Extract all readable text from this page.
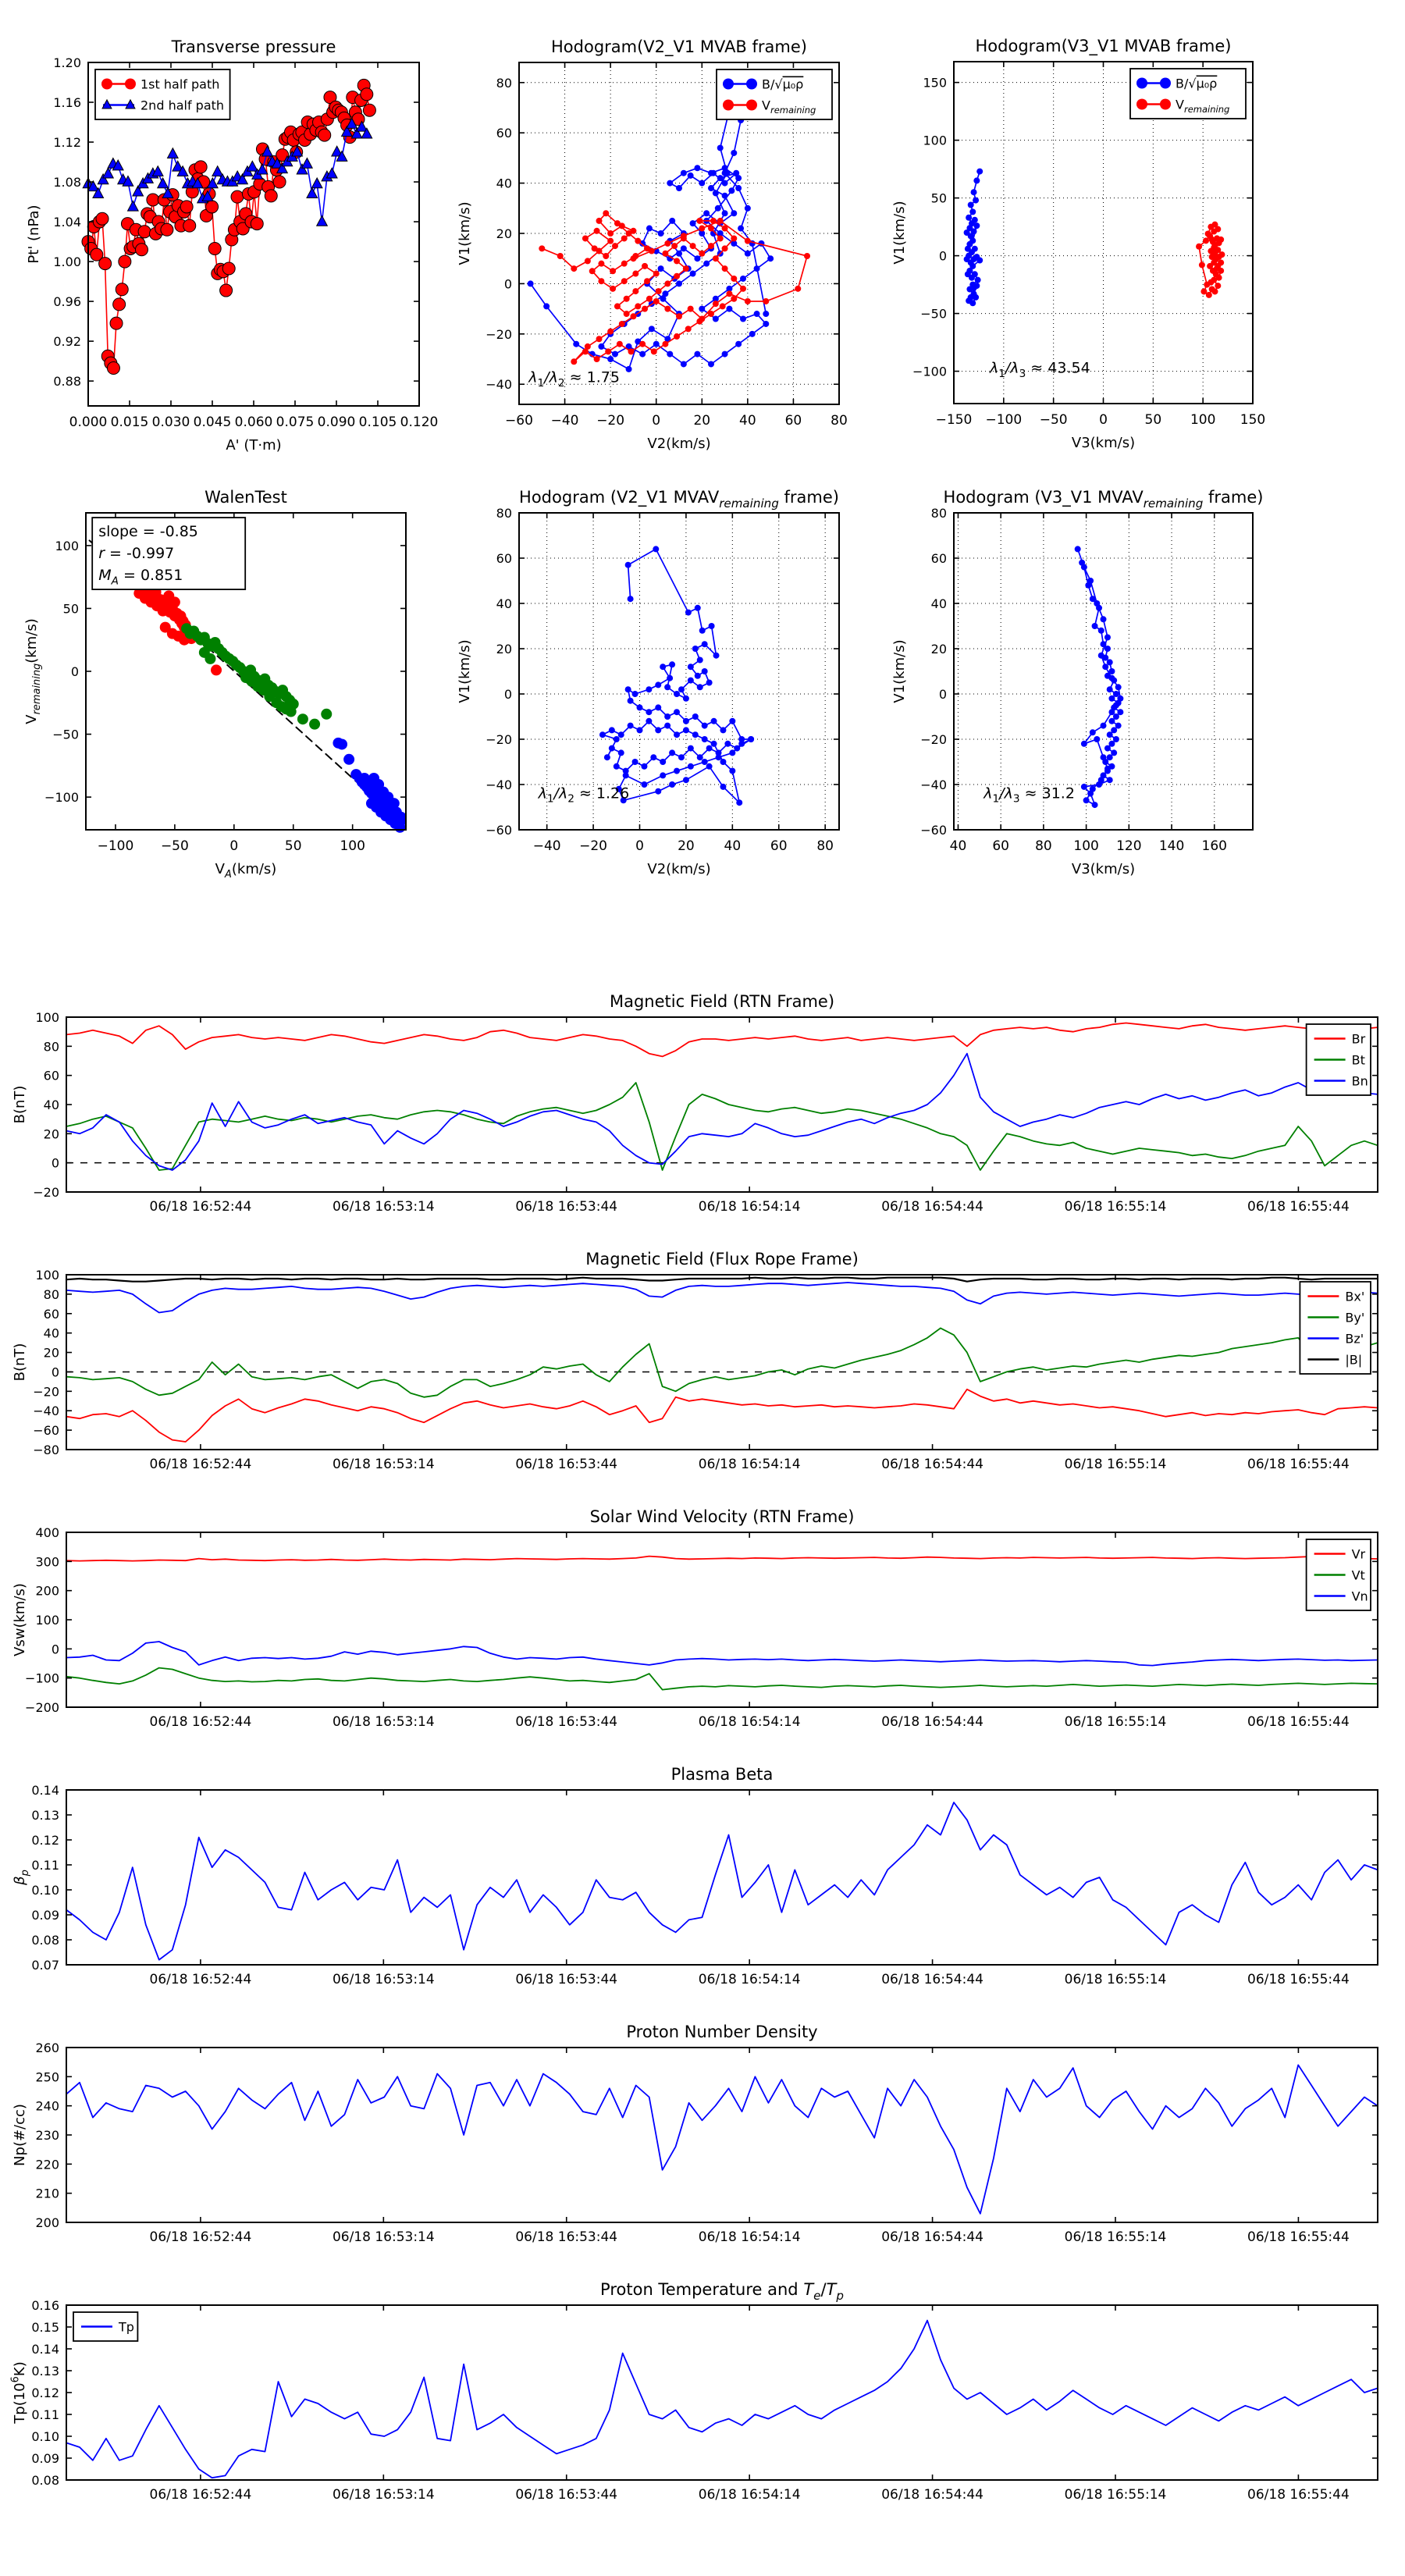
0.000 0.015 0.030 0.045 0.060 0.075 0.090 0.105 0.120
0.88
0.92
0.96
1.00
1.04
1.08
1.12
1.16
1.20
Transverse pressure
A' (T·m)
Pt' (nPa)
1st half path
2nd half path
−60 −40 −20 0 20 40 60 80
−40
−20
0
20
40
60
80
Hodogram(V2_V1 MVAB frame)
V2(km/s)
V1(km/s)
$\lambda_1/\lambda_2 \approx 1.75$
B/√μ₀ρ
$V_{remaining}$
−150 −100 −50 0	50 100 150
−100
−50
0
50
100
150
Hodogram(V3_V1 MVAB frame)
V3(km/s)
V1(km/s)
$\lambda_1/\lambda_3 \approx 43.54$
B/√μ₀ρ
$V_{remaining}$
−100 −50	0	50	100
−100
−50
0
50
100
WalenTest
$V_A(km/s)$
$V_{remaining}(km/s)$
slope = -0.85
r = -0.997
$M_A = 0.851$
−40 −20 0	20 40 60 80
−60
−40
−20
0
20
40
60
80
Hodogram (V2_V1 $MVAV_{remaining}$ frame)
V2(km/s)
V1(km/s)
$\lambda_1/\lambda_2 \approx 1.26$
40 60 80 100 120 140 160
−60
−40
−20
0
20
40
60
80
Hodogram (V3_V1 $MVAV_{remaining}$ frame)
V3(km/s)
V1(km/s)
$\lambda_1/\lambda_3 \approx 31.2$
06/18 16:52:44	06/18 16:53:14	06/18 16:53:44	06/18 16:54:14	06/18 16:54:44	06/18 16:55:14	06/18 16:55:44
−20
0
20
40
60
80
100
Magnetic Field (RTN Frame)
B(nT)
Br
Bt
Bn
06/18 16:52:44	06/18 16:53:14	06/18 16:53:44	06/18 16:54:14	06/18 16:54:44	06/18 16:55:14	06/18 16:55:44
−80
−60
−40
−20
0
20
40
60
80
100
Magnetic Field (Flux Rope Frame)
B(nT)
Bx'
By'
Bz'
|B|
06/18 16:52:44	06/18 16:53:14	06/18 16:53:44	06/18 16:54:14	06/18 16:54:44	06/18 16:55:14	06/18 16:55:44
−200
−100
0
100
200
300
400
Solar Wind Velocity (RTN Frame)
Vsw(km/s)
Vr
Vt
Vn
06/18 16:52:44	06/18 16:53:14	06/18 16:53:44	06/18 16:54:14	06/18 16:54:44	06/18 16:55:14	06/18 16:55:44
0.07
0.08
0.09
0.10
0.11
0.12
0.13
0.14
Plasma Beta
$\beta_p$
06/18 16:52:44	06/18 16:53:14	06/18 16:53:44	06/18 16:54:14	06/18 16:54:44	06/18 16:55:14	06/18 16:55:44
200
210
220
230
240
250
260
Proton Number Density
Np(#/cc)
06/18 16:52:44	06/18 16:53:14	06/18 16:53:44	06/18 16:54:14	06/18 16:54:44	06/18 16:55:14	06/18 16:55:44
0.08
0.09
0.10
0.11
0.12
0.13
0.14
0.15
0.16
Proton Temperature and $T_e/T_p$
$Tp(10^6K)$
Tp
